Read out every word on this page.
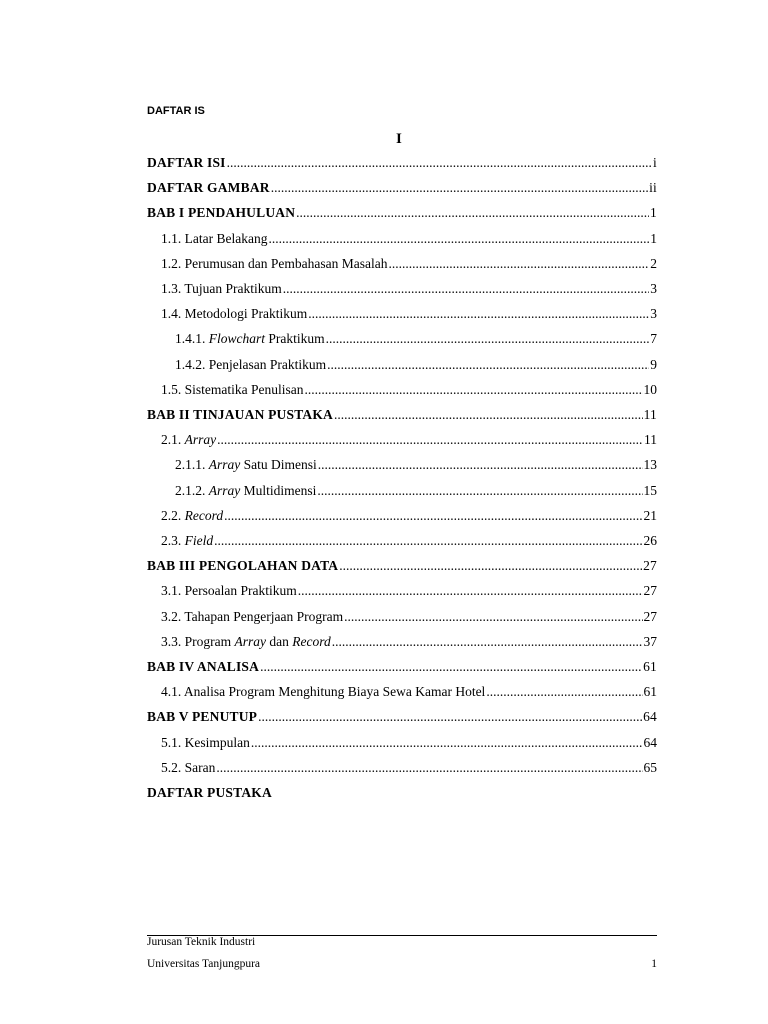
DAFTAR IS
I
DAFTAR ISI .....	i
DAFTAR GAMBAR .....	ii
BAB I PENDAHULUAN .....	1
1.1. Latar Belakang .....	1
1.2. Perumusan dan Pembahasan Masalah .....	2
1.3. Tujuan Praktikum .....	3
1.4. Metodologi Praktikum .....	3
1.4.1. Flowchart Praktikum .....	7
1.4.2. Penjelasan Praktikum .....	9
1.5. Sistematika Penulisan .....	10
BAB II TINJAUAN PUSTAKA .....	11
2.1. Array .....	11
2.1.1. Array Satu Dimensi .....	13
2.1.2. Array Multidimensi .....	15
2.2. Record .....	21
2.3. Field .....	26
BAB III PENGOLAHAN DATA .....	27
3.1. Persoalan Praktikum .....	27
3.2. Tahapan Pengerjaan Program .....	27
3.3. Program Array dan Record .....	37
BAB IV ANALISA .....	61
4.1. Analisa Program Menghitung Biaya Sewa Kamar Hotel .....	61
BAB V PENUTUP .....	64
5.1. Kesimpulan .....	64
5.2. Saran .....	65
DAFTAR PUSTAKA
Jurusan Teknik Industri
Universitas Tanjungpura	1
